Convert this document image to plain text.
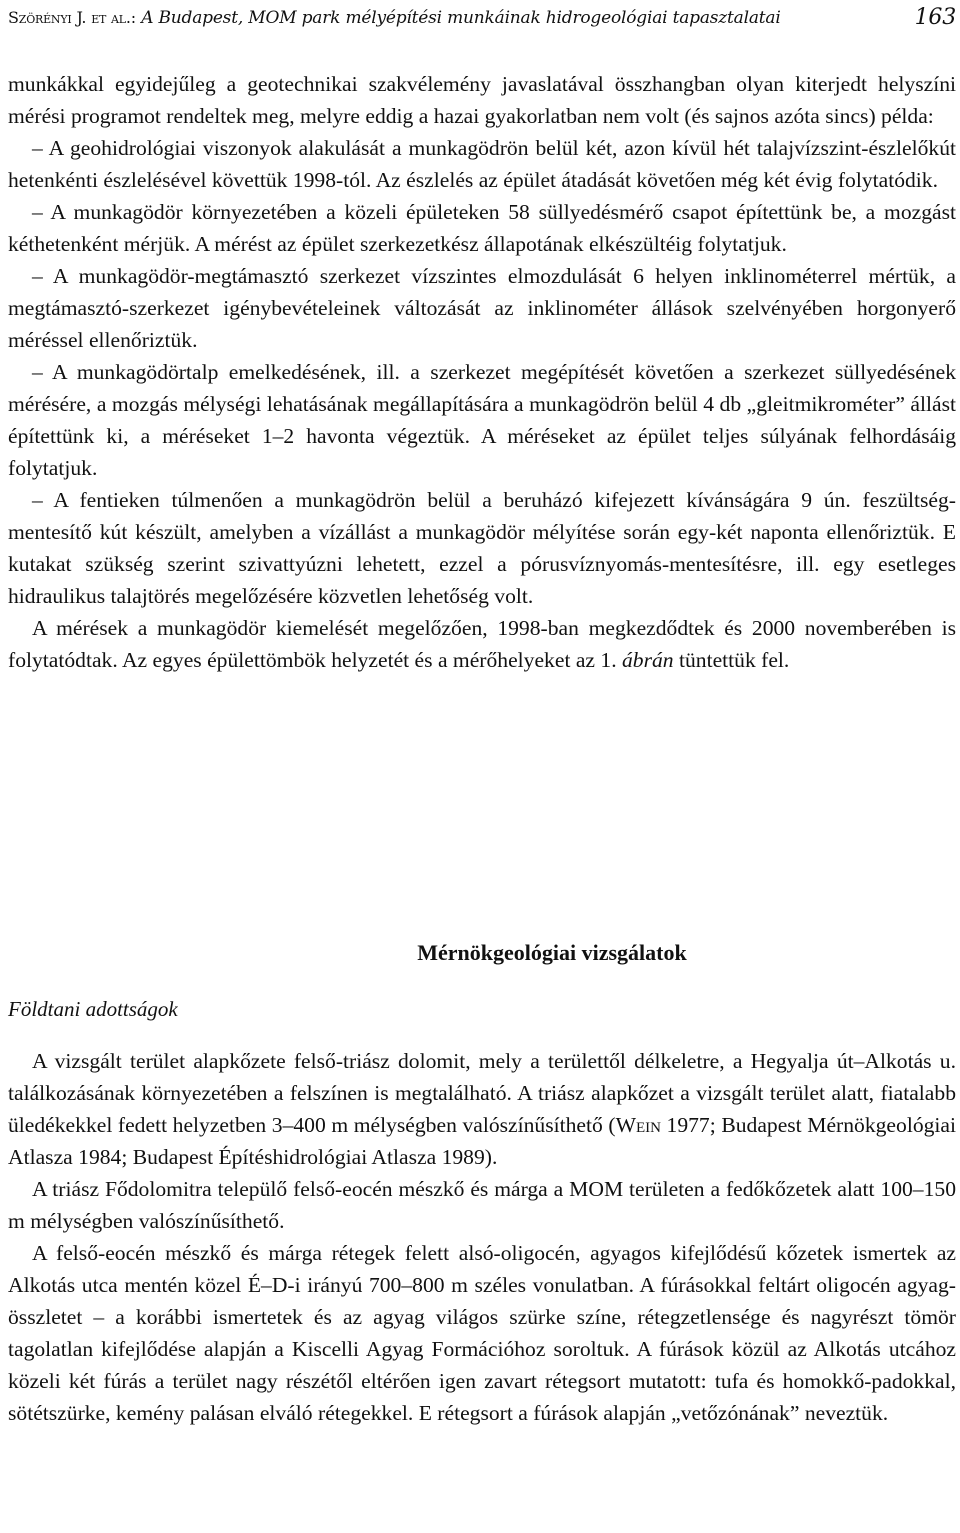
Szörényi J. et al.: A Budapest, MOM park mélyépítési munkáinak hidrogeológiai tapasztalatai	163

munkákkal egyidejűleg a geotechnikai szakvélemény javaslatával összhangban olyan kiterjedt helyszíni mérési programot rendeltek meg, melyre eddig a hazai gyakorlatban nem volt (és sajnos azóta sincs) példa:

– A geohidrológiai viszonyok alakulását a munkagödrön belül két, azon kívül hét talajvízszint-észlelőkút hetenkénti észlelésével követtük 1998-tól. Az észlelés az épület átadását követően még két évig folytatódik.

– A munkagödör környezetében a közeli épületeken 58 süllyedésmérő csapot építettünk be, a mozgást kéthetenként mérjük. A mérést az épület szerkezetkész állapotának elkészültéig folytatjuk.

– A munkagödör-megtámasztó szerkezet vízszintes elmozdulását 6 helyen inklinométerrel mértük, a megtámasztó-szerkezet igénybevételeinek változását az inklinométer állások szelvényében horgonyerő méréssel ellenőriztük.

– A munkagödörtalp emelkedésének, ill. a szerkezet megépítését követően a szerkezet süllyedésének mérésére, a mozgás mélységi lehatásának megállapítására a munkagödrön belül 4 db „gleitmikrométer” állást építettünk ki, a méréseket 1–2 havonta végeztük. A méréseket az épület teljes súlyának felhordásáig folytatjuk.

– A fentieken túlmenően a munkagödrön belül a beruházó kifejezett kívánságára 9 ún. feszültség-mentesítő kút készült, amelyben a vízállást a munkagödör mélyítése során egy-két naponta ellenőriztük. E kutakat szükség szerint szivattyúzni lehetett, ezzel a pórusvíznyomás-mentesítésre, ill. egy esetleges hidraulikus talajtörés megelőzésére közvetlen lehetőség volt.

A mérések a munkagödör kiemelését megelőzően, 1998-ban megkezdődtek és 2000 novemberében is folytatódtak. Az egyes épülettömbök helyzetét és a mérőhelyeket az 1. ábrán tüntettük fel.

Mérnökgeológiai vizsgálatok
Földtani adottságok

A vizsgált terület alapkőzete felső-triász dolomit, mely a területtől délkeletre, a Hegyalja út–Alkotás u. találkozásának környezetében a felszínen is megtalálható. A triász alapkőzet a vizsgált terület alatt, fiatalabb üledékekkel fedett helyzetben 3–400 m mélységben valószínűsíthető (Wein 1977; Budapest Mérnökgeológiai Atlasza 1984; Budapest Építéshidrológiai Atlasza 1989).

A triász Fődolomitra települő felső-eocén mészkő és márga a MOM területen a fedőkőzetek alatt 100–150 m mélységben valószínűsíthető.

A felső-eocén mészkő és márga rétegek felett alsó-oligocén, agyagos kifejlődésű kőzetek ismertek az Alkotás utca mentén közel É–D-i irányú 700–800 m széles vonulatban. A fúrásokkal feltárt oligocén agyag-összletet – a korábbi ismertetek és az agyag világos szürke színe, rétegzetlensége és nagyrészt tömör tagolatlan kifejlődése alapján a Kiscelli Agyag Formációhoz soroltuk. A fúrások közül az Alkotás utcához közeli két fúrás a terület nagy részétől eltérően igen zavart rétegsort mutatott: tufa és homokkő-padokkal, sötétszürke, kemény palásan elváló rétegekkel. E rétegsort a fúrások alapján „vetőzónának” neveztük.
